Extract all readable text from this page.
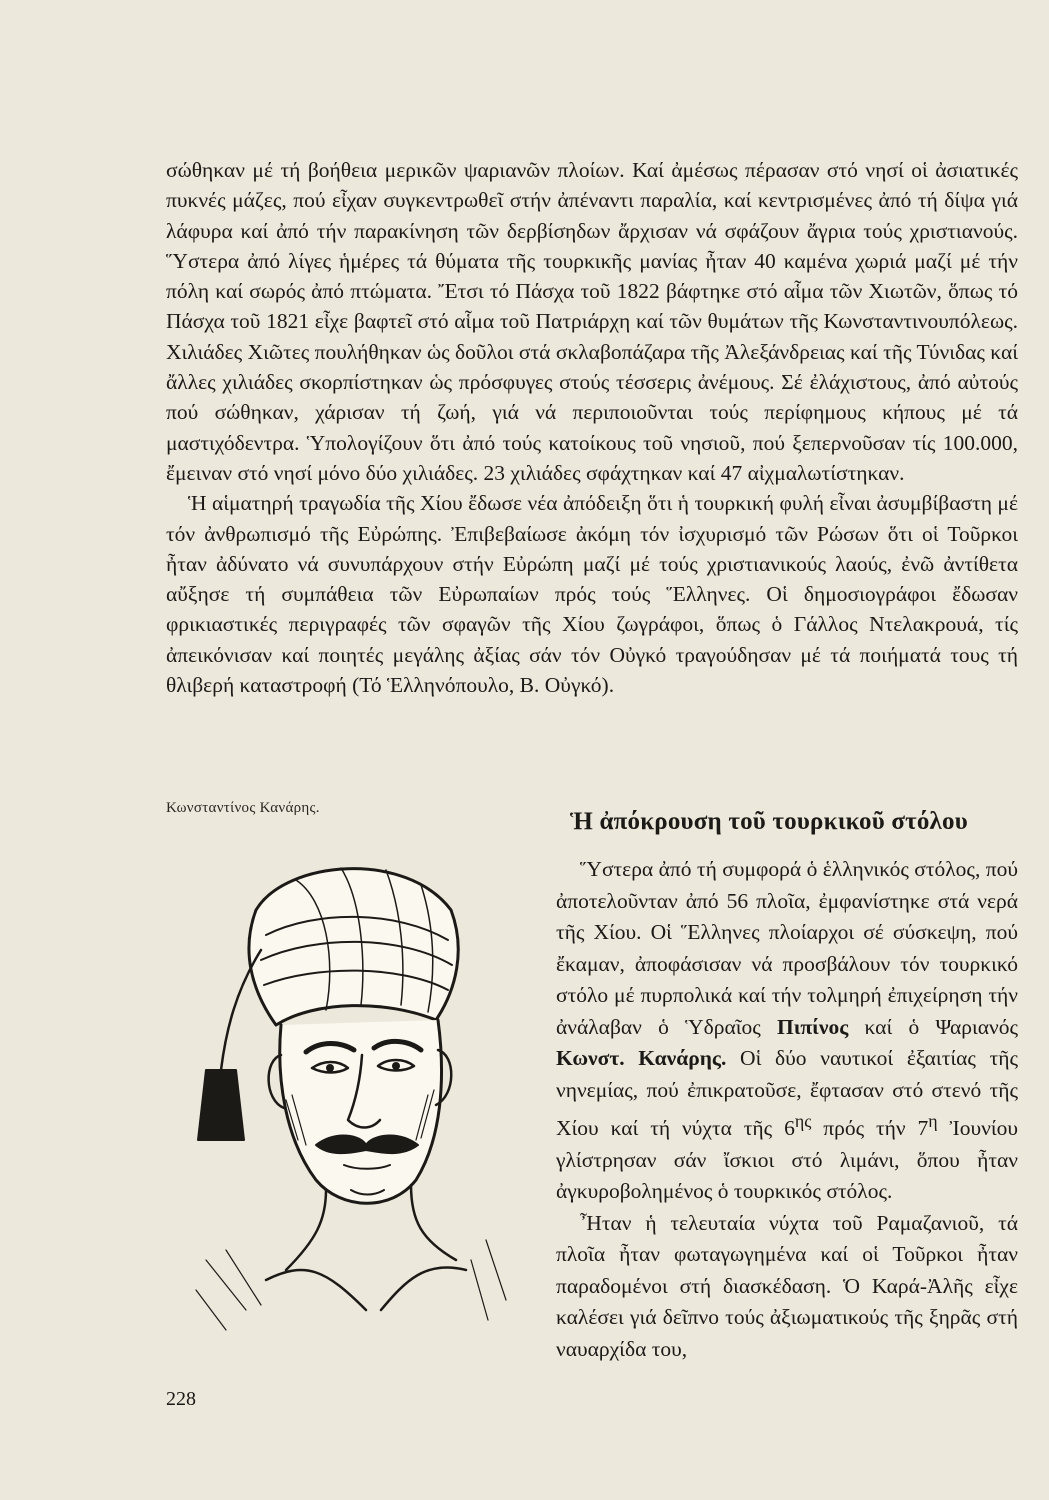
σώθηκαν μέ τή βοήθεια μερικῶν ψαριανῶν πλοίων. Καί ἀμέσως πέρασαν στό νησί οἱ ἀσιατικές πυκνές μάζες, πού εἶχαν συγκεντρωθεῖ στήν ἀπέναντι παραλία, καί κεντρισμένες ἀπό τή δίψα γιά λάφυρα καί ἀπό τήν παρακίνηση τῶν δερβίσηδων ἄρχισαν νά σφάζουν ἄγρια τούς χριστιανούς. Ὕστερα ἀπό λίγες ἡμέρες τά θύματα τῆς τουρκικῆς μανίας ἦταν 40 καμένα χωριά μαζί μέ τήν πόλη καί σωρός ἀπό πτώματα. Ἔτσι τό Πάσχα τοῦ 1822 βάφτηκε στό αἷμα τῶν Χιωτῶν, ὅπως τό Πάσχα τοῦ 1821 εἶχε βαφτεῖ στό αἷμα τοῦ Πατριάρχη καί τῶν θυμάτων τῆς Κωνσταντινουπόλεως. Χιλιάδες Χιῶτες πουλήθηκαν ὡς δοῦλοι στά σκλαβοπάζαρα τῆς Ἀλεξάνδρειας καί τῆς Τύνιδας καί ἄλλες χιλιάδες σκορπίστηκαν ὡς πρόσφυγες στούς τέσσερις ἀνέμους. Σέ ἐλάχιστους, ἀπό αὐτούς πού σώθηκαν, χάρισαν τή ζωή, γιά νά περιποιοῦνται τούς περίφημους κήπους μέ τά μαστιχόδεντρα. Ὑπολογίζουν ὅτι ἀπό τούς κατοίκους τοῦ νησιοῦ, πού ξεπερνοῦσαν τίς 100.000, ἔμειναν στό νησί μόνο δύο χιλιάδες. 23 χιλιάδες σφάχτηκαν καί 47 αἰχμαλωτίστηκαν.

Ἡ αἱματηρή τραγωδία τῆς Χίου ἔδωσε νέα ἀπόδειξη ὅτι ἡ τουρκική φυλή εἶναι ἀσυμβίβαστη μέ τόν ἀνθρωπισμό τῆς Εὐρώπης. Ἐπιβεβαίωσε ἀκόμη τόν ἰσχυρισμό τῶν Ρώσων ὅτι οἱ Τοῦρκοι ἦταν ἀδύνατο νά συνυπάρχουν στήν Εὐρώπη μαζί μέ τούς χριστιανικούς λαούς, ἐνῶ ἀντίθετα αὔξησε τή συμπάθεια τῶν Εὐρωπαίων πρός τούς Ἕλληνες. Οἱ δημοσιογράφοι ἔδωσαν φρικιαστικές περιγραφές τῶν σφαγῶν τῆς Χίου ζωγράφοι, ὅπως ὁ Γάλλος Ντελακρουά, τίς ἀπεικόνισαν καί ποιητές μεγάλης ἀξίας σάν τόν Οὐγκό τραγούδησαν μέ τά ποιήματά τους τή θλιβερή καταστροφή (Τό Ἑλληνόπουλο, Β. Οὐγκό).

Κωνσταντίνος Κανάρης.	Ἡ ἀπόκρουση τοῦ τουρκικοῦ στόλου

Ὕστερα ἀπό τή συμφορά ὁ ἑλληνικός στόλος, πού ἀποτελοῦνταν ἀπό 56 πλοῖα, ἐμφανίστηκε στά νερά τῆς Χίου. Οἱ Ἕλληνες πλοίαρχοι σέ σύσκεψη, πού ἔκαμαν, ἀποφάσισαν νά προσβάλουν τόν τουρκικό στόλο μέ πυρπολικά καί τήν τολμηρή ἐπιχείρηση τήν ἀνάλαβαν ὁ Ὑδραῖος Πιπίνος καί ὁ Ψαριανός Κωνστ. Κανάρης. Οἱ δύο ναυτικοί ἐξαιτίας τῆς νηνεμίας, πού ἐπικρατοῦσε, ἔφτασαν στό στενό τῆς Χίου καί τή νύχτα τῆς $6^{\eta\varsigma}$ πρός τήν $7^\eta$ Ἰουνίου γλίστρησαν σάν ἴσκιοι στό λιμάνι, ὅπου ἦταν ἀγκυροβολημένος ὁ τουρκικός στόλος.

Ἦταν ἡ τελευταία νύχτα τοῦ Ραμαζανιοῦ, τά πλοῖα ἦταν φωταγωγημένα καί οἱ Τοῦρκοι ἦταν παραδομένοι στή διασκέδαση. Ὁ Καρά-Ἀλῆς εἶχε καλέσει γιά δεῖπνο τούς ἀξιωματικούς τῆς ξηρᾶς στή ναυαρχίδα του,

228
